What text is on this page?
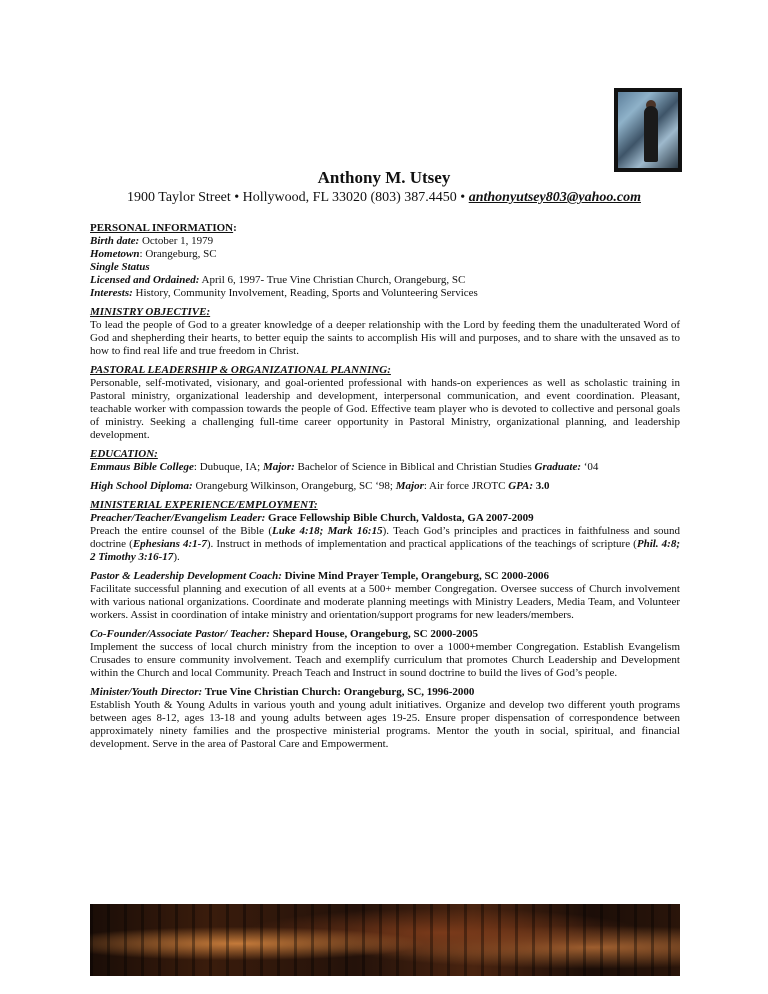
Anthony M. Utsey
1900 Taylor Street • Hollywood, FL 33020 (803) 387.4450 • anthonyutsey803@yahoo.com

PERSONAL INFORMATION:

Birth date: October 1, 1979

Hometown: Orangeburg, SC

Single Status

Licensed and Ordained: April 6, 1997- True Vine Christian Church, Orangeburg, SC

Interests: History, Community Involvement, Reading, Sports and Volunteering Services

MINISTRY OBJECTIVE:

To lead the people of God to a greater knowledge of a deeper relationship with the Lord by feeding them the unadulterated Word of God and shepherding their hearts, to better equip the saints to accomplish His will and purposes, and to share with the unsaved as to how to find real life and true freedom in Christ.

PASTORAL LEADERSHIP & ORGANIZATIONAL PLANNING:

Personable, self-motivated, visionary, and goal-oriented professional with hands-on experiences as well as scholastic training in Pastoral ministry, organizational leadership and development, interpersonal communication, and event coordination. Pleasant, teachable worker with compassion towards the people of God. Effective team player who is devoted to collective and personal goals of ministry. Seeking a challenging full-time career opportunity in Pastoral Ministry, organizational planning, and leadership development.

EDUCATION:

Emmaus Bible College: Dubuque, IA; Major: Bachelor of Science in Biblical and Christian Studies Graduate: ‘04

High School Diploma: Orangeburg Wilkinson, Orangeburg, SC ‘98; Major: Air force JROTC GPA: 3.0

MINISTERIAL EXPERIENCE/EMPLOYMENT:

Preacher/Teacher/Evangelism Leader: Grace Fellowship Bible Church, Valdosta, GA 2007-2009

Preach the entire counsel of the Bible (Luke 4:18; Mark 16:15). Teach God’s principles and practices in faithfulness and sound doctrine (Ephesians 4:1-7). Instruct in methods of implementation and practical applications of the teachings of scripture (Phil. 4:8; 2 Timothy 3:16-17).

Pastor & Leadership Development Coach: Divine Mind Prayer Temple, Orangeburg, SC 2000-2006

Facilitate successful planning and execution of all events at a 500+ member Congregation. Oversee success of Church involvement with various national organizations. Coordinate and moderate planning meetings with Ministry Leaders, Media Team, and Volunteer workers. Assist in coordination of intake ministry and orientation/support programs for new leaders/members.

Co-Founder/Associate Pastor/ Teacher: Shepard House, Orangeburg, SC 2000-2005

Implement the success of local church ministry from the inception to over a 1000+member Congregation. Establish Evangelism Crusades to ensure community involvement. Teach and exemplify curriculum that promotes Church Leadership and Development within the Church and local Community. Preach Teach and Instruct in sound doctrine to build the lives of God’s people.

Minister/Youth Director: True Vine Christian Church: Orangeburg, SC, 1996-2000

Establish Youth & Young Adults in various youth and young adult initiatives. Organize and develop two different youth programs between ages 8-12, ages 13-18 and young adults between ages 19-25. Ensure proper dispensation of correspondence between approximately ninety families and the prospective ministerial programs. Mentor the youth in social, spiritual, and financial development. Serve in the area of Pastoral Care and Empowerment.
